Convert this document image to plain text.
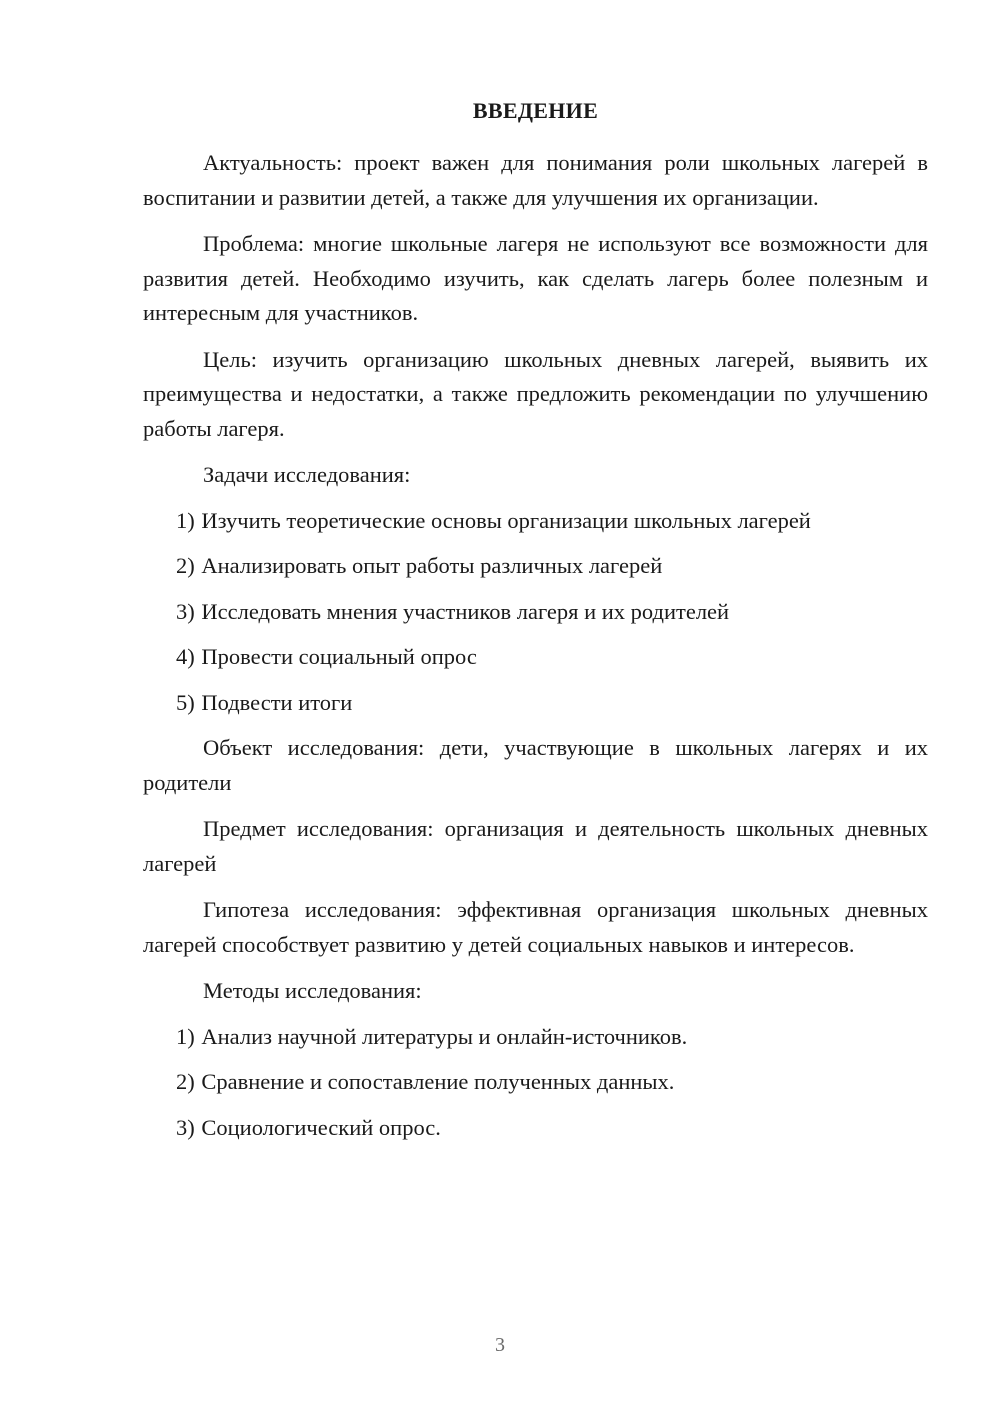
ВВЕДЕНИЕ

Актуальность: проект важен для понимания роли школьных лагерей в воспитании и развитии детей, а также для улучшения их организации.

Проблема: многие школьные лагеря не используют все возможности для развития детей. Необходимо изучить, как сделать лагерь более полезным и интересным для участников.

Цель: изучить организацию школьных дневных лагерей, выявить их преимущества и недостатки, а также предложить рекомендации по улучшению работы лагеря.

Задачи исследования:
1) Изучить теоретические основы организации школьных лагерей
2) Анализировать опыт работы различных лагерей
3) Исследовать мнения участников лагеря и их родителей
4) Провести социальный опрос
5) Подвести итоги

Объект исследования: дети, участвующие в школьных лагерях и их родители

Предмет исследования: организация и деятельность школьных дневных лагерей

Гипотеза исследования: эффективная организация школьных дневных лагерей способствует развитию у детей социальных навыков и интересов.

Методы исследования:
1) Анализ научной литературы и онлайн-источников.
2) Сравнение и сопоставление полученных данных.
3) Социологический опрос.
3
